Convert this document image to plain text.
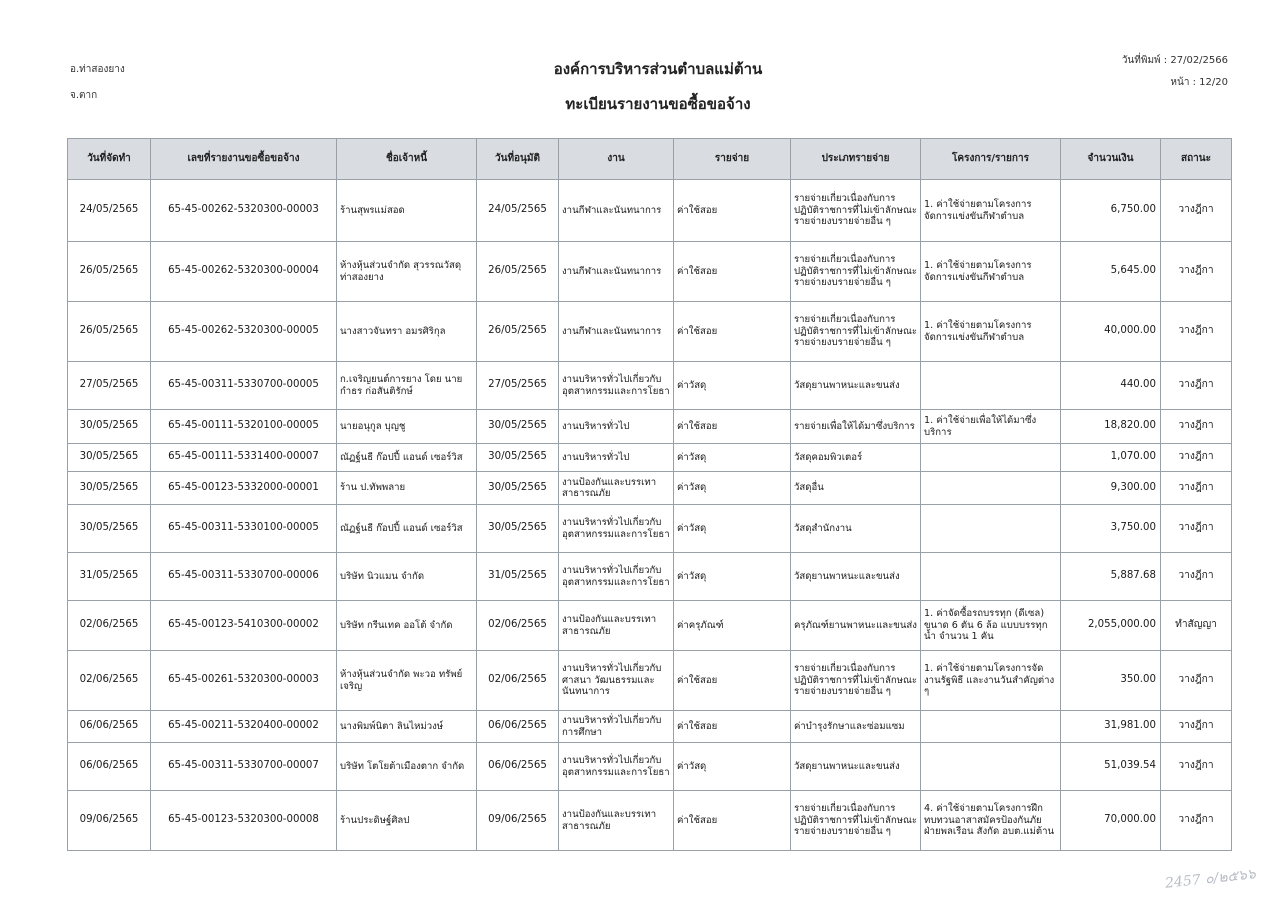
อ.ท่าสองยาง
จ.ตาก
องค์การบริหารส่วนตำบลแม่ต้าน
ทะเบียนรายงานขอซื้อขอจ้าง
วันที่พิมพ์ : 27/02/2566
หน้า : 12/20
วันที่จัดทำ	เลขที่รายงานขอซื้อขอจ้าง	ชื่อเจ้าหนี้	วันที่อนุมัติ	งาน	รายจ่าย	ประเภทรายจ่าย	โครงการ/รายการ	จำนวนเงิน	สถานะ
24/05/2565	65-45-00262-5320300-00003	ร้านสุพรแม่สอด	24/05/2565	งานกีฬาและนันทนาการ	ค่าใช้สอย	รายจ่ายเกี่ยวเนื่องกับการปฏิบัติราชการที่ไม่เข้าลักษณะรายจ่ายงบรายจ่ายอื่น ๆ	1. ค่าใช้จ่ายตามโครงการจัดการแข่งขันกีฬาตำบล	6,750.00	วางฎีกา
26/05/2565	65-45-00262-5320300-00004	ห้างหุ้นส่วนจำกัด สุวรรณวัสดุ ท่าสองยาง	26/05/2565	งานกีฬาและนันทนาการ	ค่าใช้สอย	รายจ่ายเกี่ยวเนื่องกับการปฏิบัติราชการที่ไม่เข้าลักษณะรายจ่ายงบรายจ่ายอื่น ๆ	1. ค่าใช้จ่ายตามโครงการจัดการแข่งขันกีฬาตำบล	5,645.00	วางฎีกา
26/05/2565	65-45-00262-5320300-00005	นางสาวจันทรา อมรศิริกุล	26/05/2565	งานกีฬาและนันทนาการ	ค่าใช้สอย	รายจ่ายเกี่ยวเนื่องกับการปฏิบัติราชการที่ไม่เข้าลักษณะรายจ่ายงบรายจ่ายอื่น ๆ	1. ค่าใช้จ่ายตามโครงการจัดการแข่งขันกีฬาตำบล	40,000.00	วางฎีกา
27/05/2565	65-45-00311-5330700-00005	ก.เจริญยนต์การยาง โดย นายกำธร ก่อสันติรักษ์	27/05/2565	งานบริหารทั่วไปเกี่ยวกับอุตสาหกรรมและการโยธา	ค่าวัสดุ	วัสดุยานพาหนะและขนส่ง		440.00	วางฎีกา
30/05/2565	65-45-00111-5320100-00005	นายอนุกูล บุญชู	30/05/2565	งานบริหารทั่วไป	ค่าใช้สอย	รายจ่ายเพื่อให้ได้มาซึ่งบริการ	1. ค่าใช้จ่ายเพื่อให้ได้มาซึ่งบริการ	18,820.00	วางฎีกา
30/05/2565	65-45-00111-5331400-00007	ณัฏฐ์นธี ก๊อปปี้ แอนด์ เซอร์วิส	30/05/2565	งานบริหารทั่วไป	ค่าวัสดุ	วัสดุคอมพิวเตอร์		1,070.00	วางฎีกา
30/05/2565	65-45-00123-5332000-00001	ร้าน ป.ทัพพลาย	30/05/2565	งานป้องกันและบรรเทาสาธารณภัย	ค่าวัสดุ	วัสดุอื่น		9,300.00	วางฎีกา
30/05/2565	65-45-00311-5330100-00005	ณัฏฐ์นธี ก๊อปปี้ แอนด์ เซอร์วิส	30/05/2565	งานบริหารทั่วไปเกี่ยวกับอุตสาหกรรมและการโยธา	ค่าวัสดุ	วัสดุสำนักงาน		3,750.00	วางฎีกา
31/05/2565	65-45-00311-5330700-00006	บริษัท นิวแมน จำกัด	31/05/2565	งานบริหารทั่วไปเกี่ยวกับอุตสาหกรรมและการโยธา	ค่าวัสดุ	วัสดุยานพาหนะและขนส่ง		5,887.68	วางฎีกา
02/06/2565	65-45-00123-5410300-00002	บริษัท กรีนเทค ออโต้ จำกัด	02/06/2565	งานป้องกันและบรรเทาสาธารณภัย	ค่าครุภัณฑ์	ครุภัณฑ์ยานพาหนะและขนส่ง	1. ค่าจัดซื้อรถบรรทุก (ดีเซล) ขนาด 6 ตัน 6 ล้อ แบบบรรทุกน้ำ จำนวน 1 คัน	2,055,000.00	ทำสัญญา
02/06/2565	65-45-00261-5320300-00003	ห้างหุ้นส่วนจำกัด พะวอ ทรัพย์เจริญ	02/06/2565	งานบริหารทั่วไปเกี่ยวกับศาสนา วัฒนธรรมและนันทนาการ	ค่าใช้สอย	รายจ่ายเกี่ยวเนื่องกับการปฏิบัติราชการที่ไม่เข้าลักษณะรายจ่ายงบรายจ่ายอื่น ๆ	1. ค่าใช้จ่ายตามโครงการจัดงานรัฐพิธี และงานวันสำคัญต่าง ๆ	350.00	วางฎีกา
06/06/2565	65-45-00211-5320400-00002	นางพิมพ์นิตา ลินไหม่วงษ์	06/06/2565	งานบริหารทั่วไปเกี่ยวกับการศึกษา	ค่าใช้สอย	ค่าบำรุงรักษาและซ่อมแซม		31,981.00	วางฎีกา
06/06/2565	65-45-00311-5330700-00007	บริษัท โตโยต้าเมืองตาก จำกัด	06/06/2565	งานบริหารทั่วไปเกี่ยวกับอุตสาหกรรมและการโยธา	ค่าวัสดุ	วัสดุยานพาหนะและขนส่ง		51,039.54	วางฎีกา
09/06/2565	65-45-00123-5320300-00008	ร้านประดิษฐ์ศิลป	09/06/2565	งานป้องกันและบรรเทาสาธารณภัย	ค่าใช้สอย	รายจ่ายเกี่ยวเนื่องกับการปฏิบัติราชการที่ไม่เข้าลักษณะรายจ่ายงบรายจ่ายอื่น ๆ	4. ค่าใช้จ่ายตามโครงการฝึกทบทวนอาสาสมัครป้องกันภัยฝ่ายพลเรือน สังกัด อบต.แม่ต้าน	70,000.00	วางฎีกา
2457 ๐/๒๕๖๖
